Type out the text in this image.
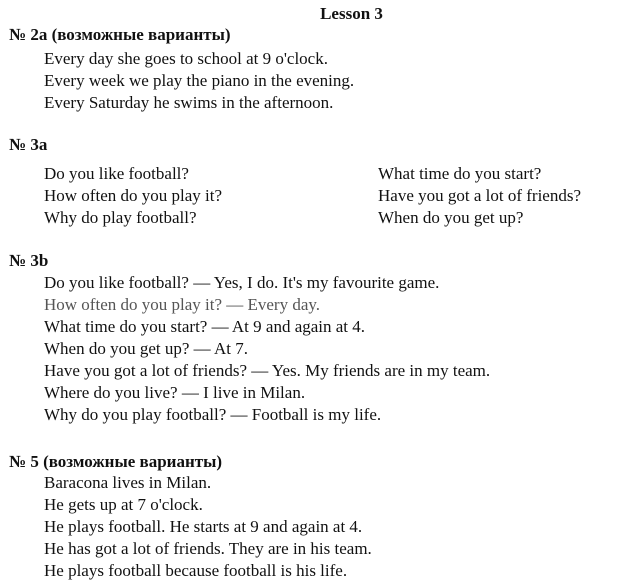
Lesson 3
№ 2a (возможные варианты)
Every day she goes to school at 9 o'clock.
Every week we play the piano in the evening.
Every Saturday he swims in the afternoon.
№ 3a
Do you like football?
How often do you play it?
Why do play football?
What time do you start?
Have you got a lot of friends?
When do you get up?
№ 3b
Do you like football? — Yes, I do. It's my favourite game.
How often do you play it? — Every day.
What time do you start? — At 9 and again at 4.
When do you get up? — At 7.
Have you got a lot of friends? — Yes. My friends are in my team.
Where do you live? — I live in Milan.
Why do you play football? — Football is my life.
№ 5 (возможные варианты)
Baracona lives in Milan.
He gets up at 7 o'clock.
He plays football. He starts at 9 and again at 4.
He has got a lot of friends. They are in his team.
He plays football because football is his life.
